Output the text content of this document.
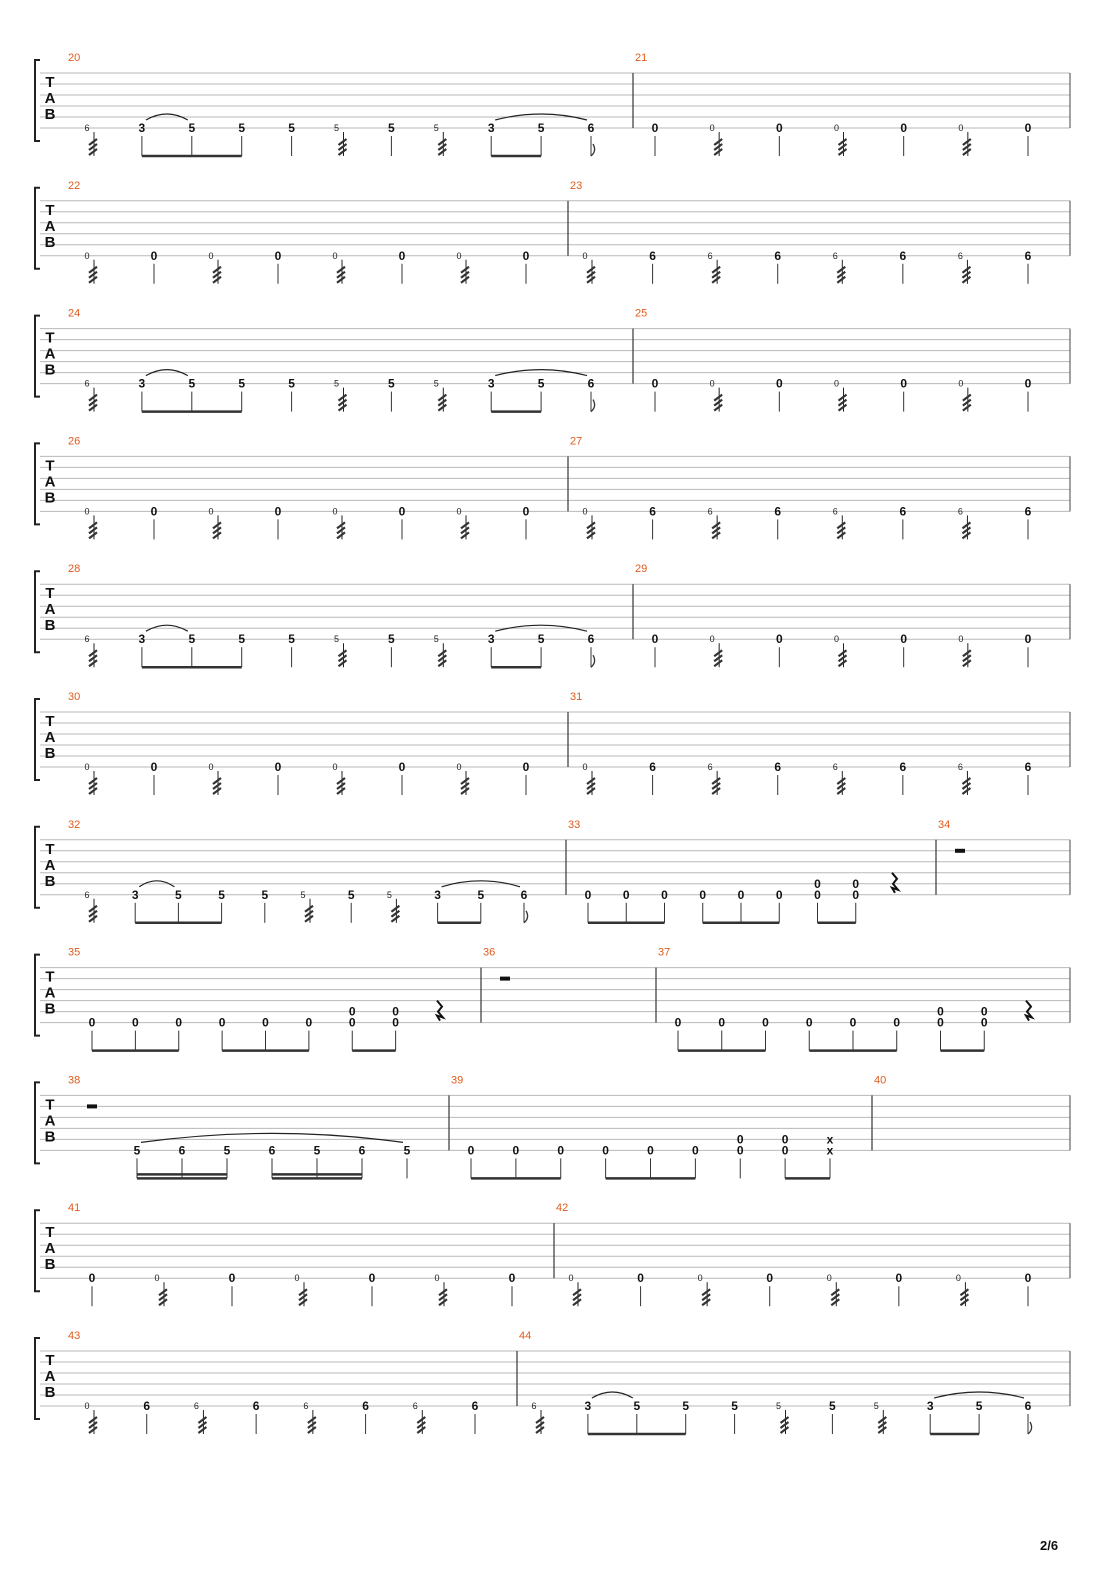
T
A
B
20
6	3	5	5	5	5	5	5	3	5	6
21
0	0	0	0	0	0	0
T
A
B
22
0	0	0	0	0	0	0	0
23
0	6	6	6	6	6	6	6
T
A
B
24
6	3	5	5	5	5	5	5	3	5	6
25
0	0	0	0	0	0	0
T
A
B
26
0	0	0	0	0	0	0	0
27
0	6	6	6	6	6	6	6
T
A
B
28
6	3	5	5	5	5	5	5	3	5	6
29
0	0	0	0	0	0	0
T
A
B
30
0	0	0	0	0	0	0	0
31
0	6	6	6	6	6	6	6
T
A
B
32
6	3	5	5	5	5	5	5	3	5	6
33
0	0	0	0	0	0	0
0
0
0
34
T
A
B
35
0	0	0	0	0	0	0
0
0
0
36	37
0	0	0	0	0	0	0
0
0
0
T
A
B
38
5	6	5	6	5	6	5
39
0	0	0	0	0	0	0
0
0
0
x
x
40
T
A
B
41
0	0	0	0	0	0	0
42
0	0	0	0	0	0	0	0
T
A
B
43
0	6	6	6	6	6	6	6
44
6	3	5	5	5	5	5	5	3	5	6
2/6
